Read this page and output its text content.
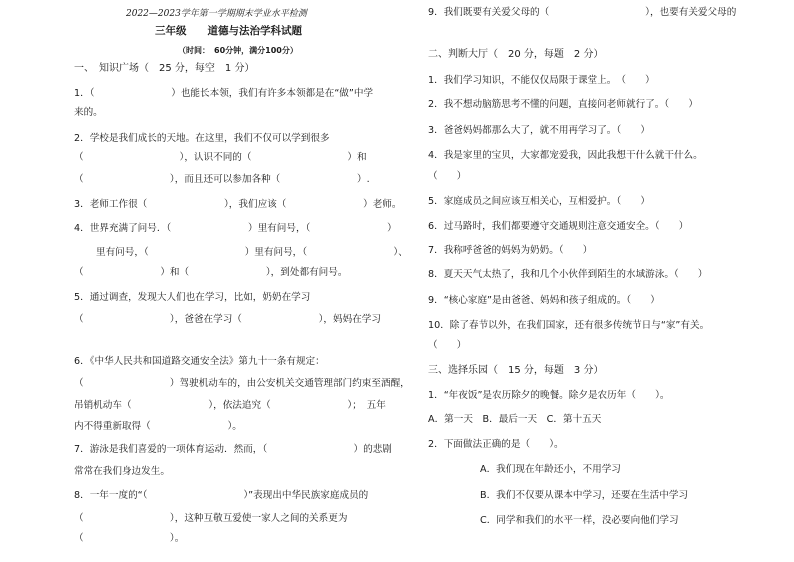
2022—2023学年第一学期期末学业水平检测
三年级　　道德与法治学科试题
（时间：　60分钟，满分100分）
一、　知识广场（　25 分，每空　1 分）
1．（　　　　　　　　）也能长本领，我们有许多本领都是在“做”中学
来的。
2．学校是我们成长的天地。在这里，我们不仅可以学到很多
（　　　　　　　　　　），认识不同的（　　　　　　　　　　）和
（　　　　　　　　　），而且还可以参加各种（　　　　　　　　）.
3．老师工作很（　　　　　　　　），我们应该（　　　　　　　　）老师。
4．世界充满了问号．（　　　　　　　　）里有问号，（　　　　　　　　）
里有问号，（　　　　　　　　　　）里有问号，（　　　　　　　　　）、
（　　　　　　　　）和（　　　　　　　　），到处都有问号。
5．通过调查，发现大人们也在学习，比如，奶奶在学习
（　　　　　　　　　），爸爸在学习（　　　　　　　　），妈妈在学习
6．《中华人民共和国道路交通安全法》第九十一条有规定：
（　　　　　　　　　）驾驶机动车的，由公安机关交通管理部门约束至酒醒，
吊销机动车（　　　　　　　　），依法追究（　　　　　　　　）；　五年
内不得重新取得（　　　　　　　　）。
7．游泳是我们喜爱的一项体育运动．然而，（　　　　　　　　　）的悲剧
常常在我们身边发生。
8．一年一度的“（　　　　　　　　　　）”表现出中华民族家庭成员的
（　　　　　　　　　），这种互敬互爱使一家人之间的关系更为
（　　　　　　　　　）。
9．我们既要有关爱父母的（　　　　　　　　　　），也要有关爱父母的
二、判断大厅（　20 分，每题　2 分）
1．我们学习知识，不能仅仅局限于课堂上。　（　　）
2．我不想动脑筋思考不懂的问题，直接问老师就行了。（　　）
3．爸爸妈妈都那么大了，就不用再学习了。（　　）
4．我是家里的宝贝，大家都宠爱我，因此我想干什么就干什么。
（　　）
5．家庭成员之间应该互相关心，互相爱护。（　　）
6．过马路时，我们都要遵守交通规则注意交通安全。（　　）
7．我称呼爸爸的妈妈为奶奶。（　　）
8．夏天天气太热了，我和几个小伙伴到陌生的水域游泳。（　　）
9．“核心家庭”是由爸爸、妈妈和孩子组成的。（　　）
10．除了春节以外，在我们国家，还有很多传统节日与“家”有关。
（　　）
三、选择乐园（　15 分，每题　3 分）
1．“年夜饭”是农历除夕的晚餐。除夕是农历年（　　）。
A．第一天　B．最后一天　C．第十五天
2．下面做法正确的是（　　）。
A．我们现在年龄还小，不用学习
B．我们不仅要从课本中学习，还要在生活中学习
C．同学和我们的水平一样，没必要向他们学习
